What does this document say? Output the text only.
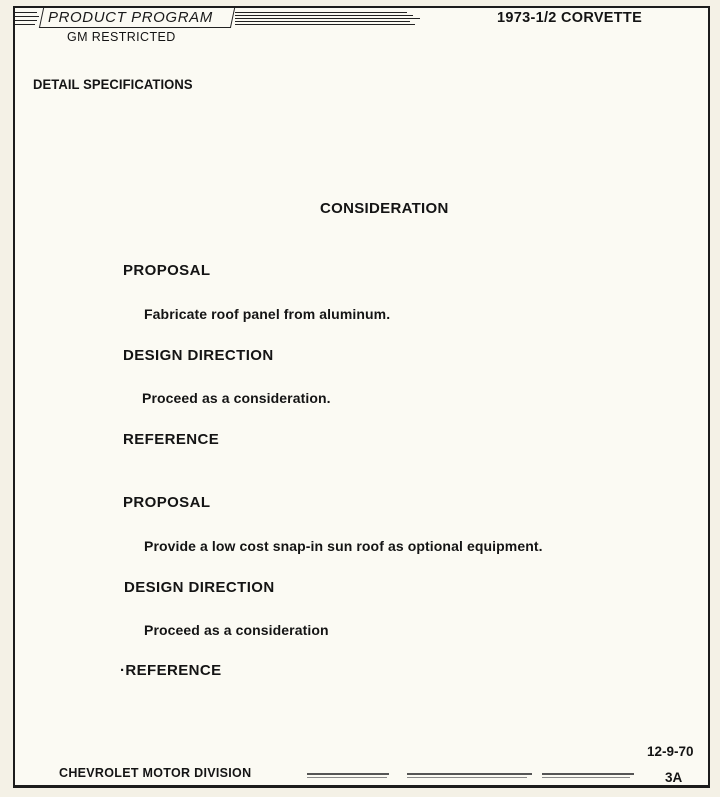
PRODUCT PROGRAM
GM RESTRICTED
1973-1/2 CORVETTE
DETAIL SPECIFICATIONS
CONSIDERATION
PROPOSAL
Fabricate roof panel from aluminum.
DESIGN DIRECTION
Proceed as a consideration.
REFERENCE
PROPOSAL
Provide a low cost snap-in sun roof as optional equipment.
DESIGN DIRECTION
Proceed as a consideration
·REFERENCE
CHEVROLET MOTOR DIVISION
12-9-70
3A
